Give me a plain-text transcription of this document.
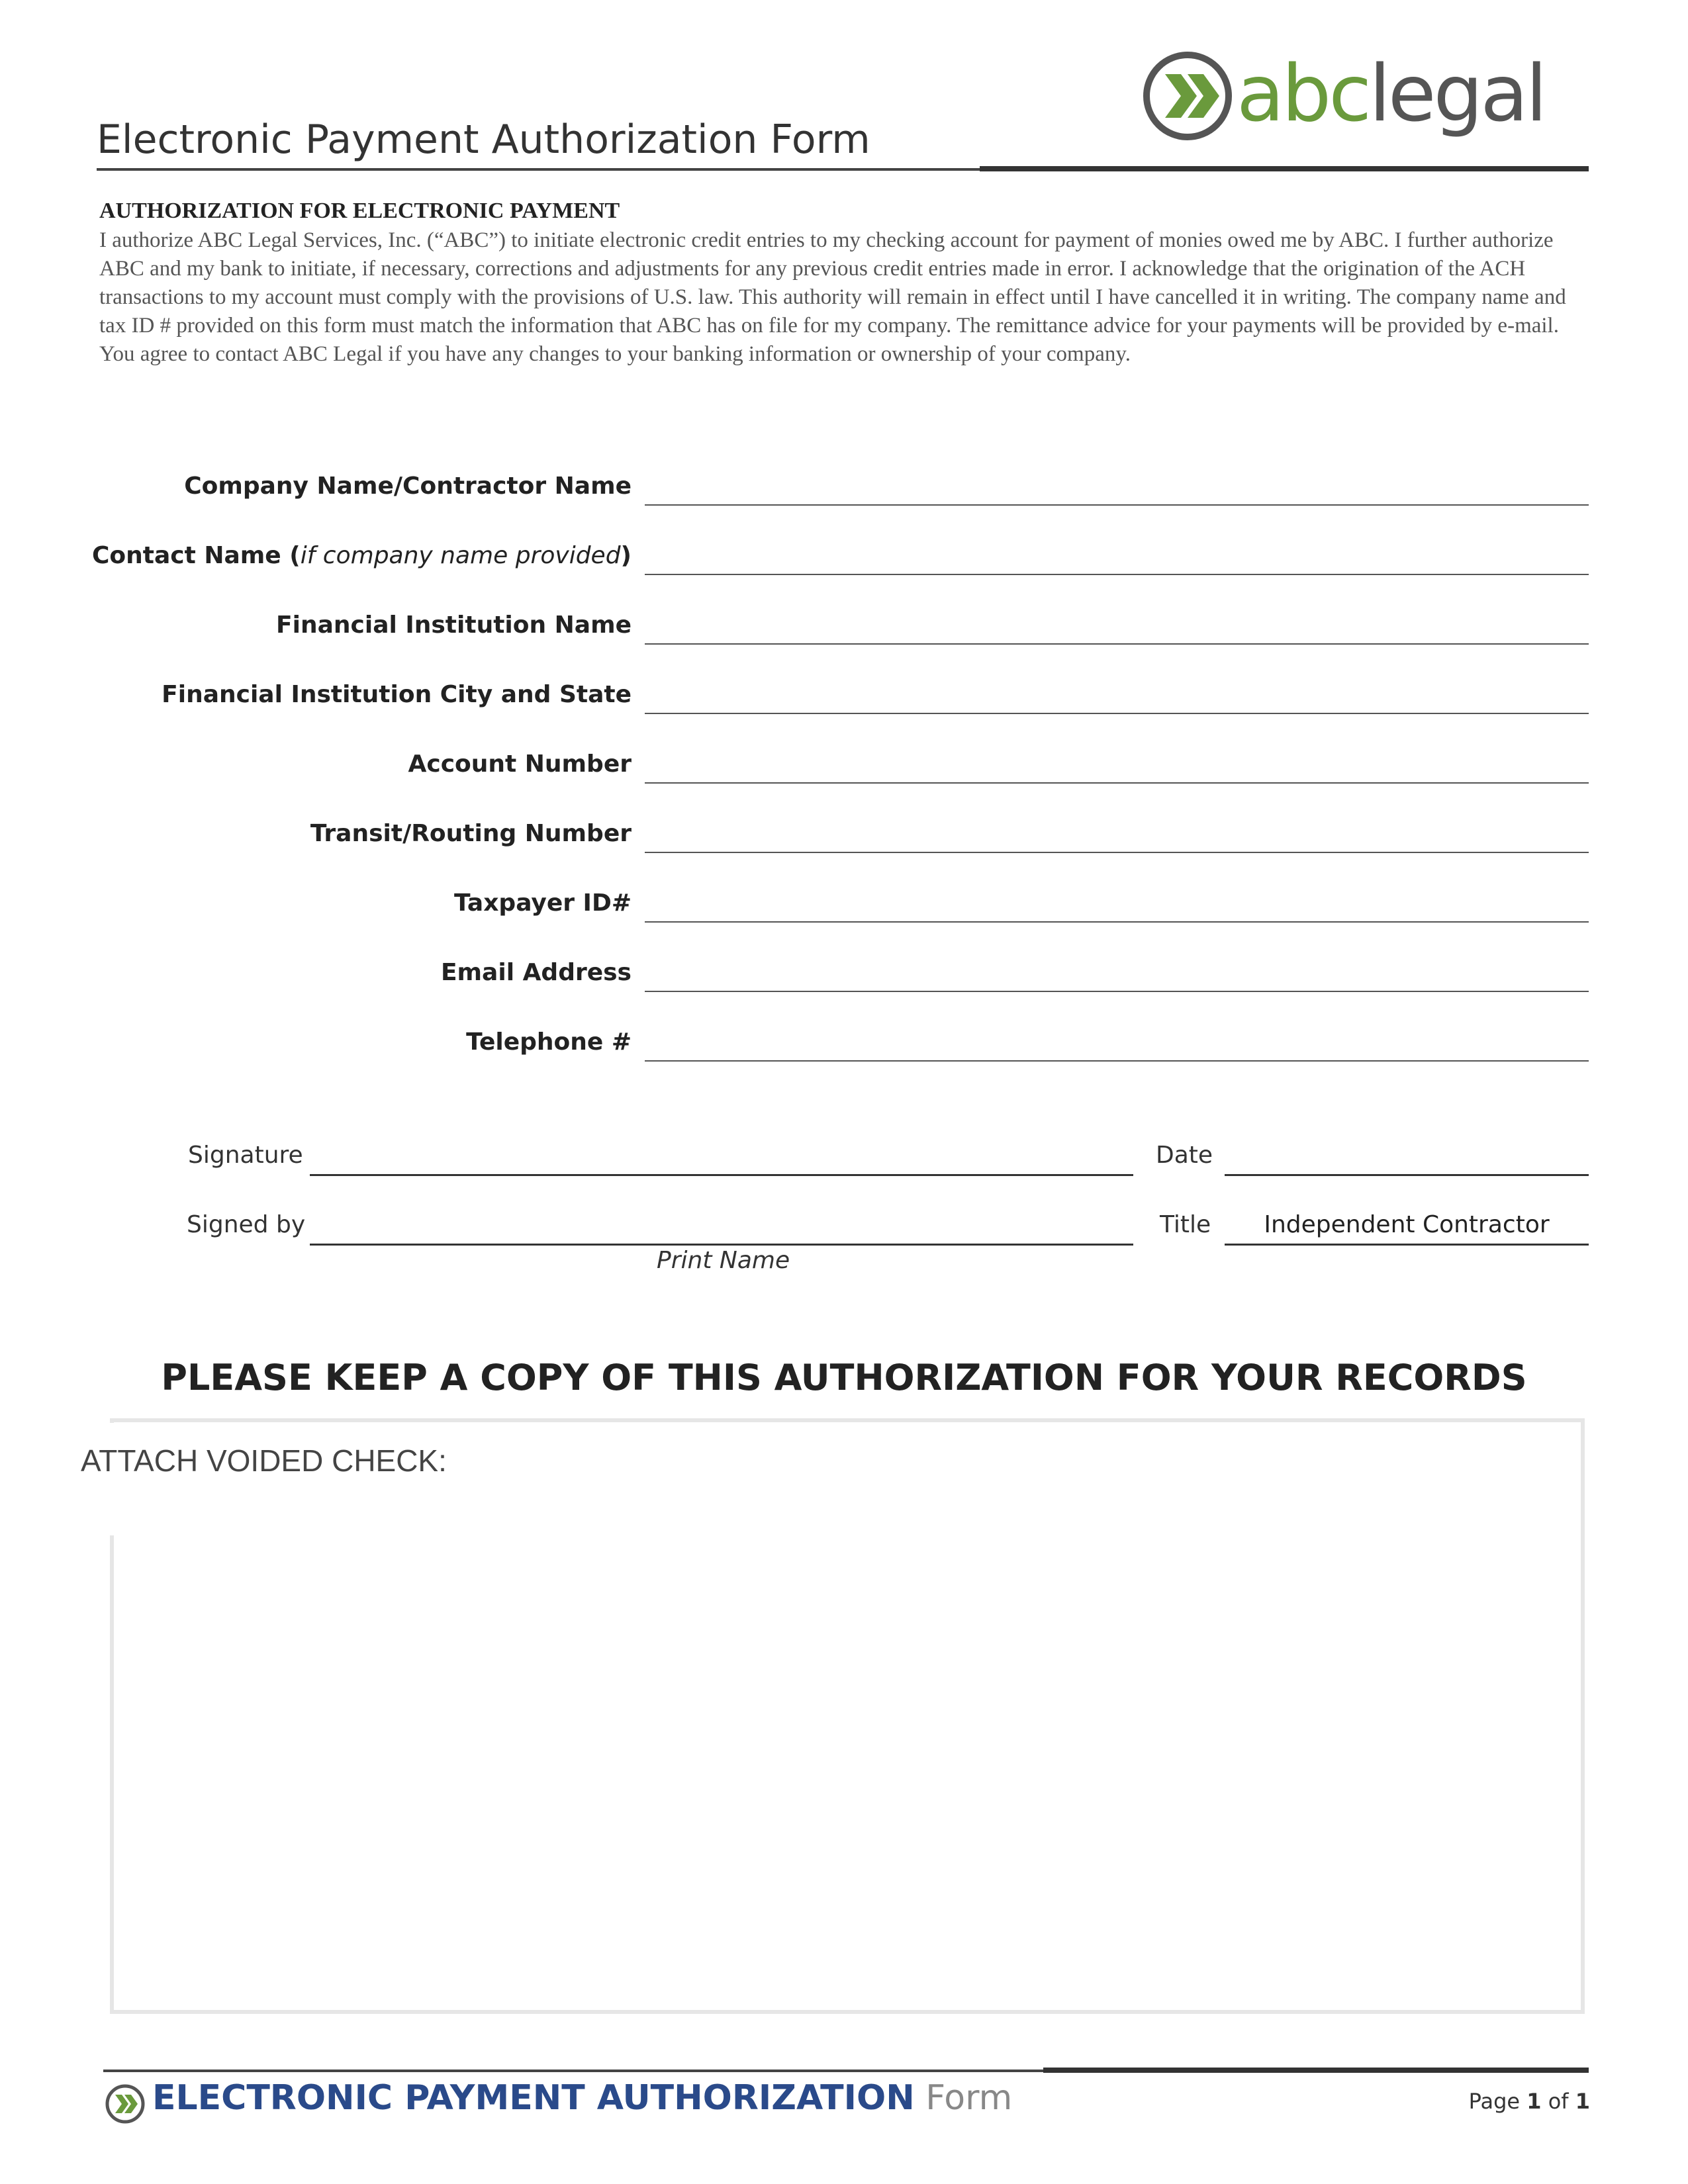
Electronic Payment Authorization Form
abclegal
AUTHORIZATION FOR ELECTRONIC PAYMENT
I authorize ABC Legal Services, Inc. (“ABC”) to initiate electronic credit entries to my checking account for payment of monies owed me by ABC. I further authorize ABC and my bank to initiate, if necessary, corrections and adjustments for any previous credit entries made in error. I acknowledge that the origination of the ACH transactions to my account must comply with the provisions of U.S. law. This authority will remain in effect until I have cancelled it in writing. The company name and tax ID # provided on this form must match the information that ABC has on file for my company. The remittance advice for your payments will be provided by e-mail. You agree to contact ABC Legal if you have any changes to your banking information or ownership of your company.
Company Name/Contractor Name
Contact Name (if company name provided)
Financial Institution Name
Financial Institution City and State
Account Number
Transit/Routing Number
Taxpayer ID#
Email Address
Telephone #
Signature	Date
Signed by	Title	Independent Contractor
Print Name
PLEASE KEEP A COPY OF THIS AUTHORIZATION FOR YOUR RECORDS
ATTACH VOIDED CHECK:
ELECTRONIC PAYMENT AUTHORIZATION Form	Page 1 of 1
